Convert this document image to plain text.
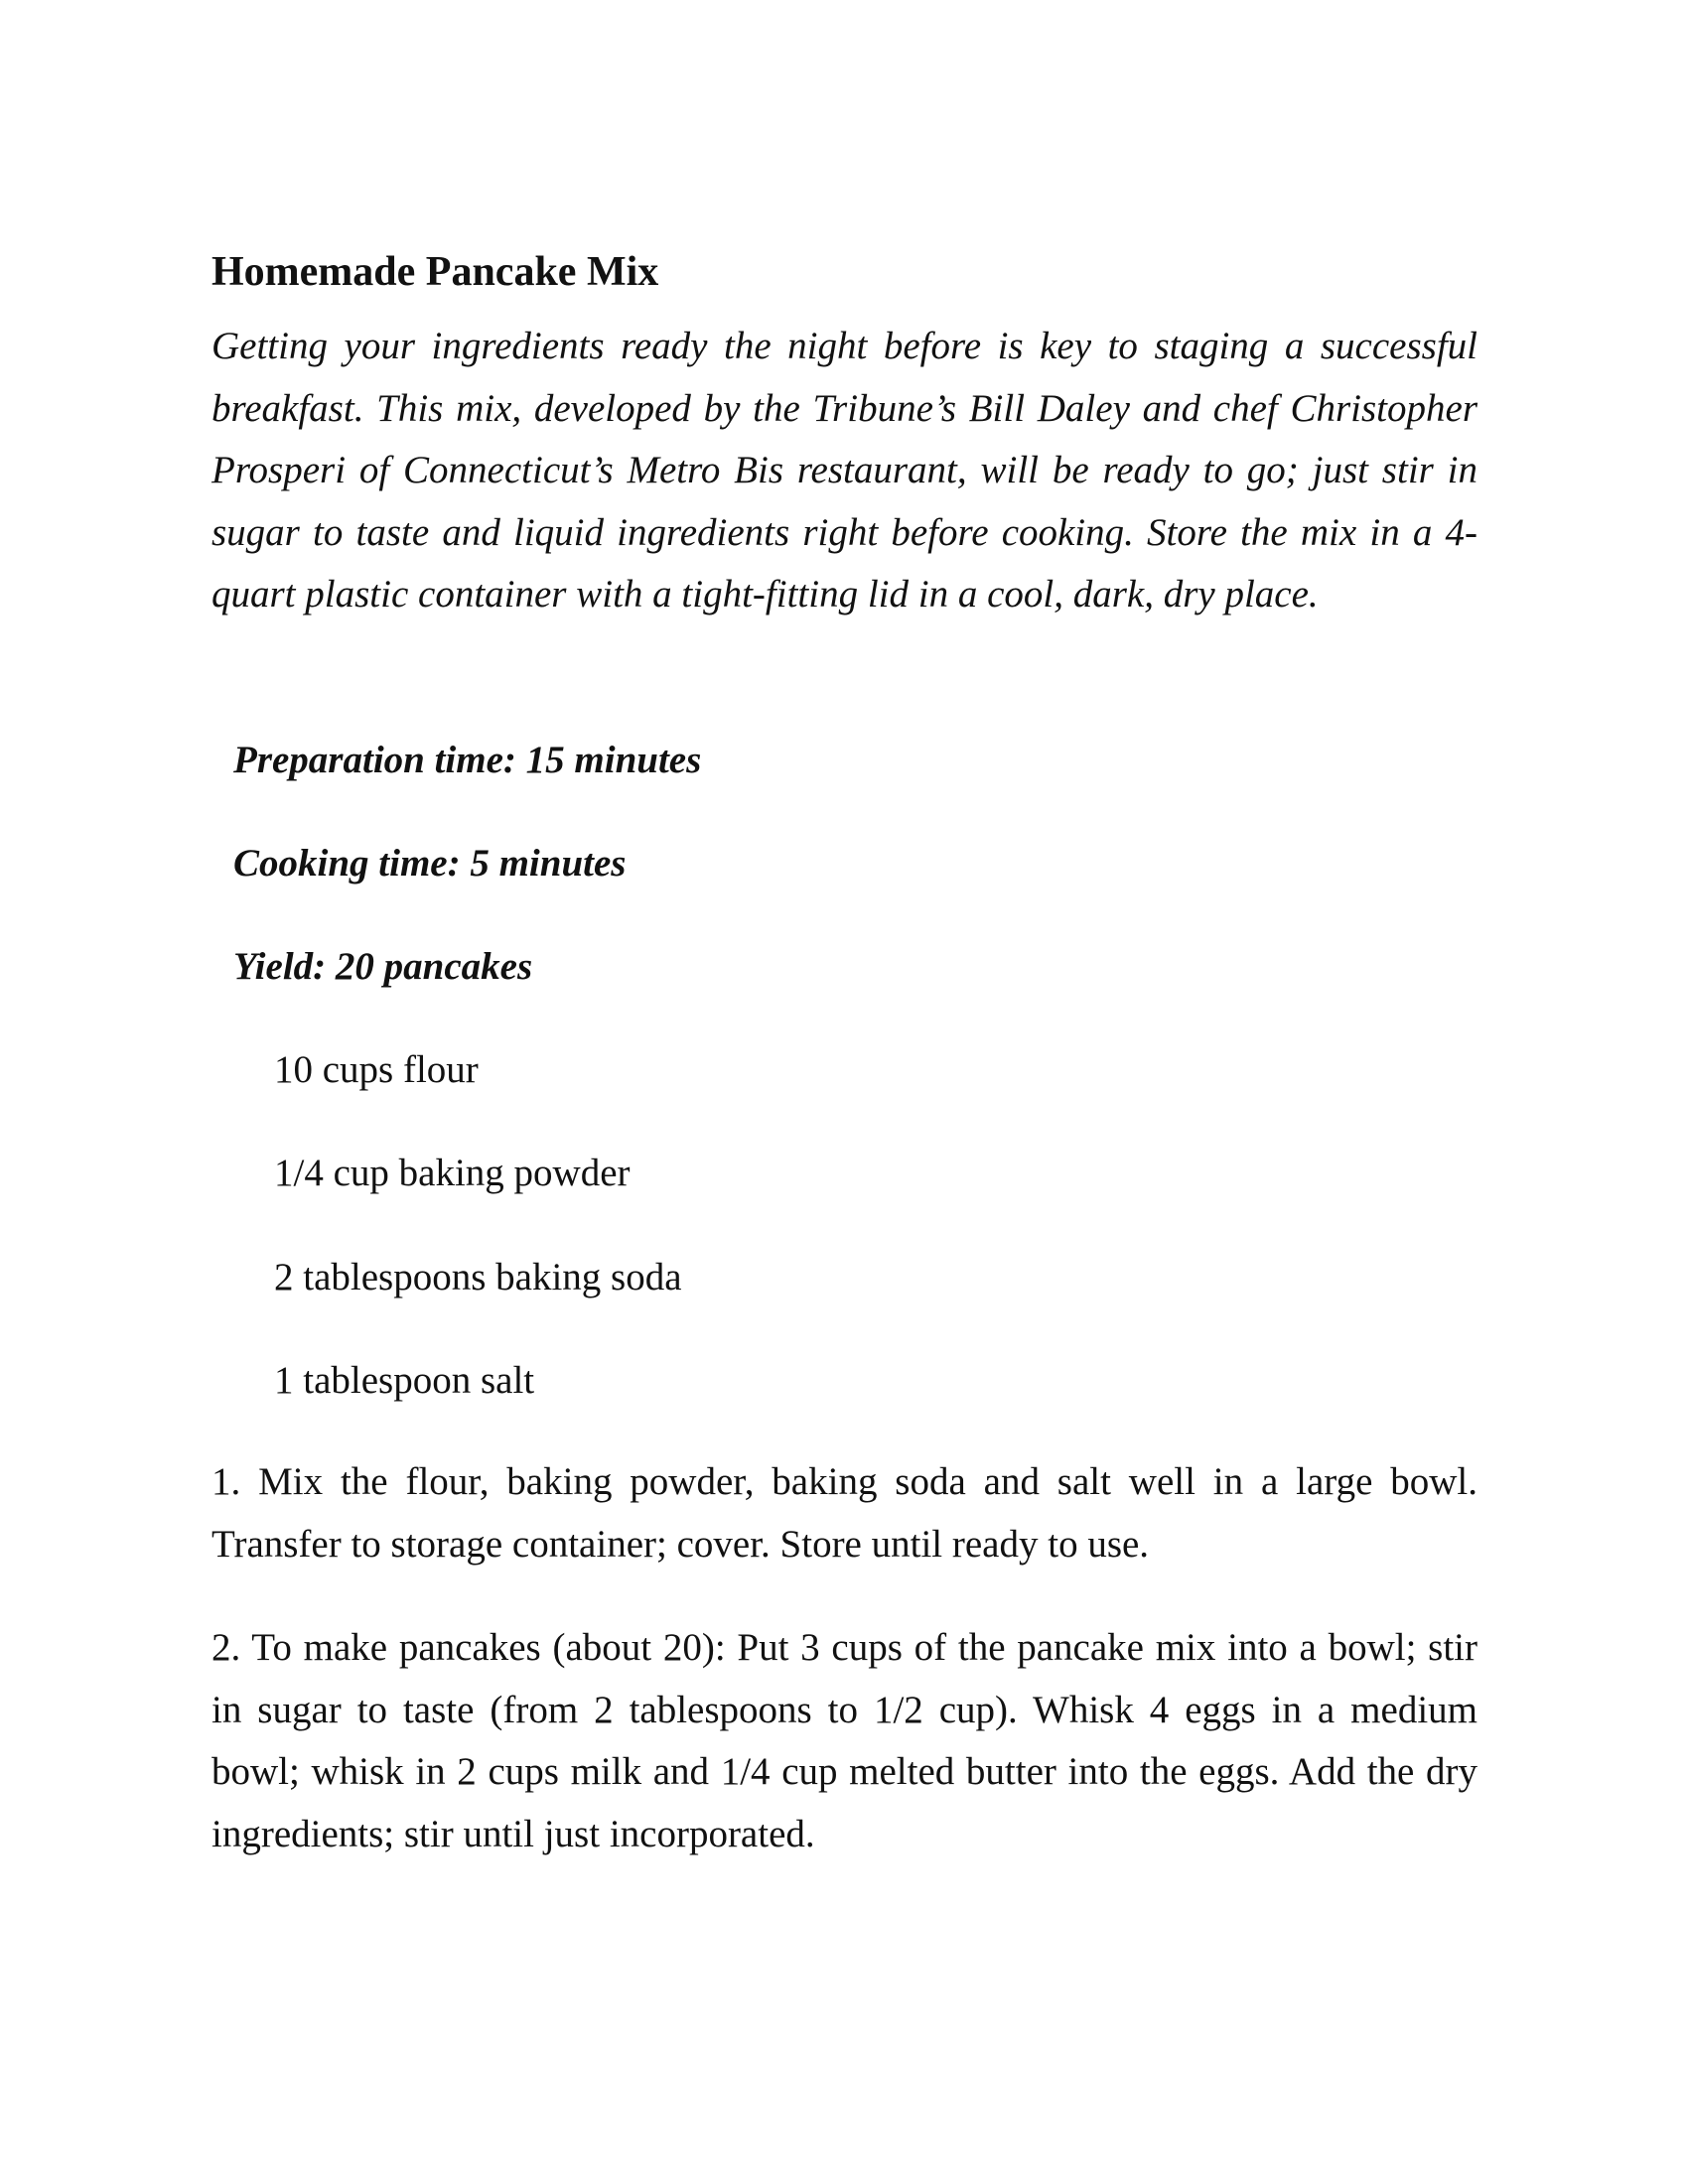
Homemade Pancake Mix

Getting your ingredients ready the night before is key to staging a successful breakfast. This mix, developed by the Tribune’s Bill Daley and chef Christopher Prosperi of Connecticut’s Metro Bis restaurant, will be ready to go; just stir in sugar to taste and liquid ingredients right before cooking. Store the mix in a 4-quart plastic container with a tight-fitting lid in a cool, dark, dry place.

Preparation time: 15 minutes

Cooking time: 5 minutes

Yield: 20 pancakes

10 cups flour

1/4 cup baking powder

2 tablespoons baking soda

1 tablespoon salt

1. Mix the flour, baking powder, baking soda and salt well in a large bowl. Transfer to storage container; cover. Store until ready to use.

2. To make pancakes (about 20): Put 3 cups of the pancake mix into a bowl; stir in sugar to taste (from 2 tablespoons to 1/2 cup). Whisk 4 eggs in a medium bowl; whisk in 2 cups milk and 1/4 cup melted butter into the eggs. Add the dry ingredients; stir until just incorporated.
